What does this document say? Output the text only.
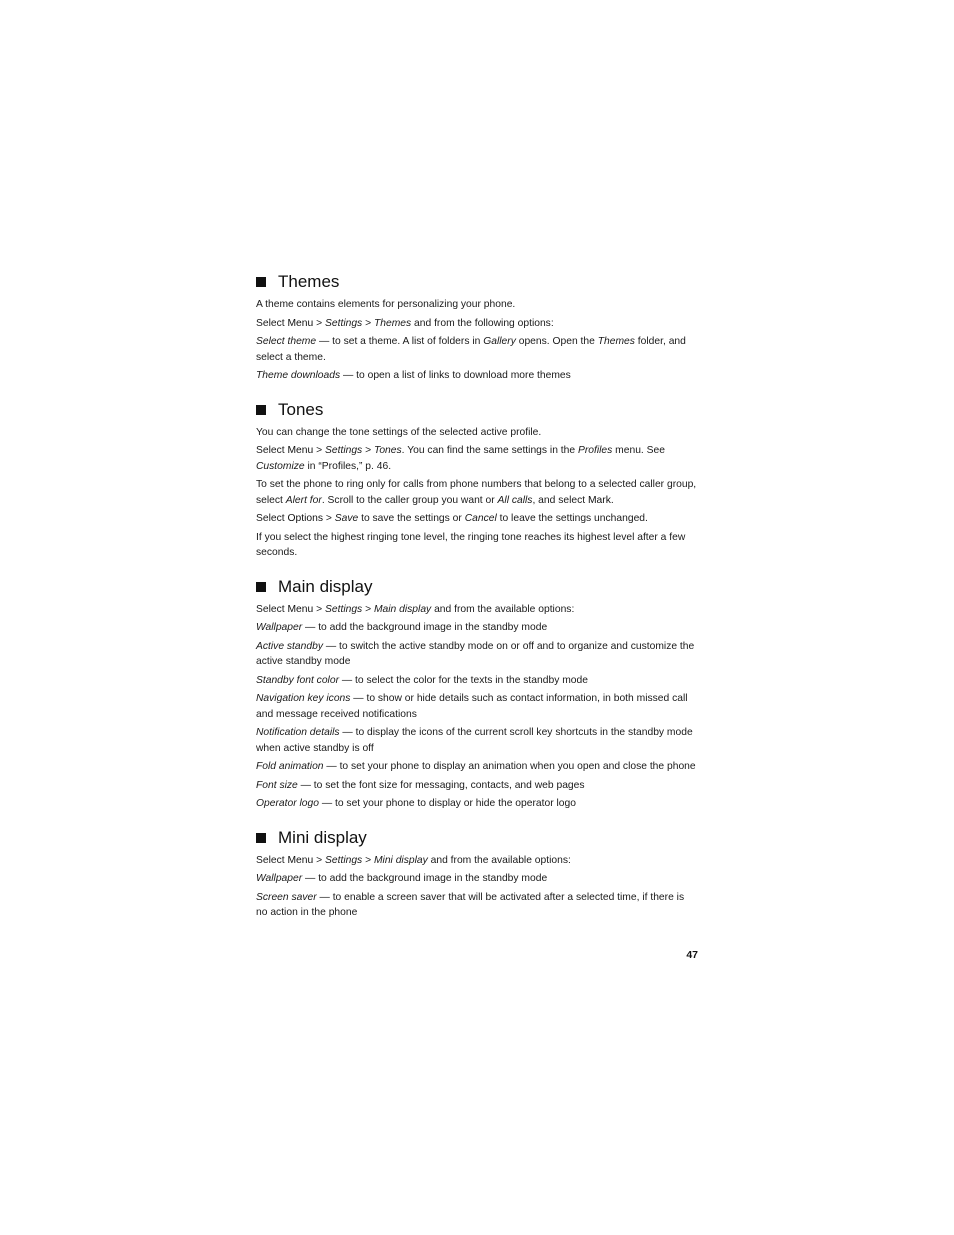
Themes

A theme contains elements for personalizing your phone.

Select Menu > Settings > Themes and from the following options:

Select theme — to set a theme. A list of folders in Gallery opens. Open the Themes folder, and select a theme.

Theme downloads — to open a list of links to download more themes

Tones

You can change the tone settings of the selected active profile.

Select Menu > Settings > Tones. You can find the same settings in the Profiles menu. See Customize in “Profiles,” p. 46.

To set the phone to ring only for calls from phone numbers that belong to a selected caller group, select Alert for. Scroll to the caller group you want or All calls, and select Mark.

Select Options > Save to save the settings or Cancel to leave the settings unchanged.

If you select the highest ringing tone level, the ringing tone reaches its highest level after a few seconds.

Main display

Select Menu > Settings > Main display and from the available options:

Wallpaper — to add the background image in the standby mode

Active standby — to switch the active standby mode on or off and to organize and customize the active standby mode

Standby font color — to select the color for the texts in the standby mode

Navigation key icons — to show or hide details such as contact information, in both missed call and message received notifications

Notification details — to display the icons of the current scroll key shortcuts in the standby mode when active standby is off

Fold animation — to set your phone to display an animation when you open and close the phone

Font size — to set the font size for messaging, contacts, and web pages

Operator logo — to set your phone to display or hide the operator logo

Mini display

Select Menu > Settings > Mini display and from the available options:

Wallpaper — to add the background image in the standby mode

Screen saver — to enable a screen saver that will be activated after a selected time, if there is no action in the phone

47
